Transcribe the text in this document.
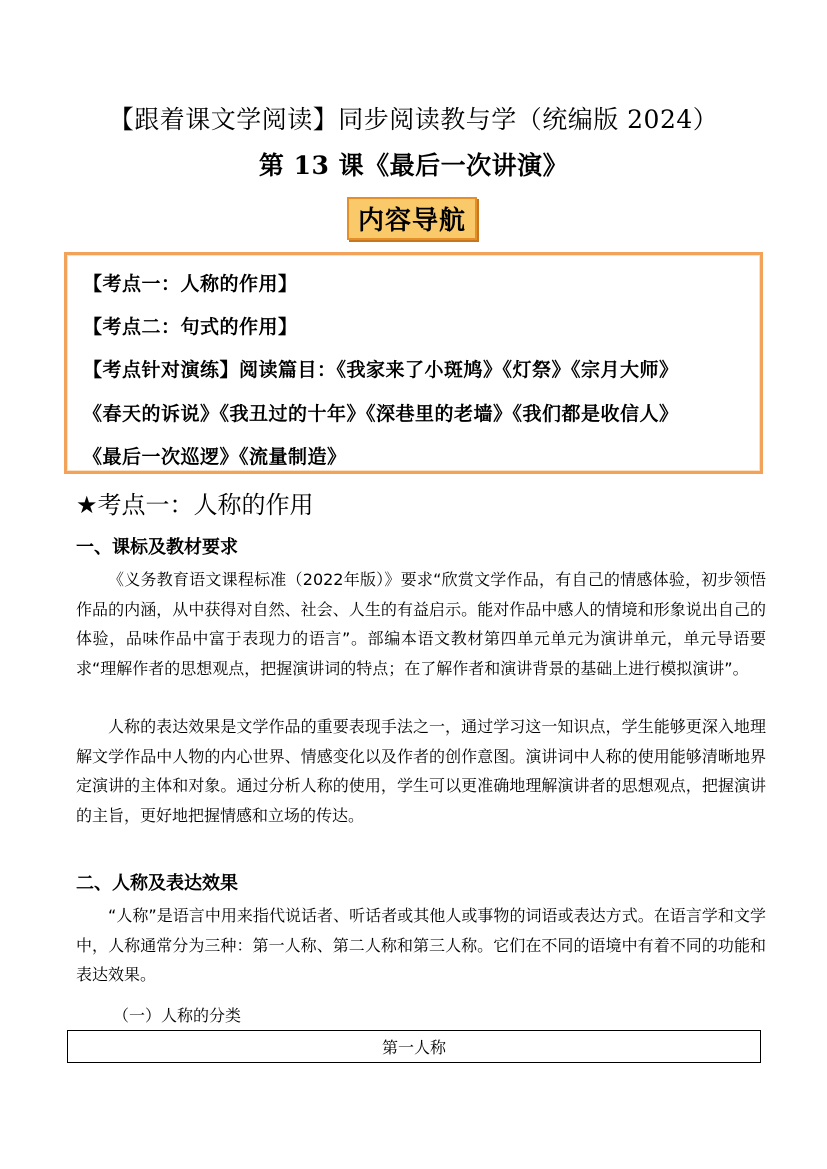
【跟着课文学阅读】同步阅读教与学（统编版 2024）
第 13 课《最后一次讲演》
内容导航
【考点一：人称的作用】
【考点二：句式的作用】
【考点针对演练】阅读篇目：《我家来了小斑鸠》《灯祭》《宗月大师》
《春天的诉说》《我丑过的十年》《深巷里的老墙》《我们都是收信人》
《最后一次巡逻》《流量制造》
★考点一：人称的作用
一、课标及教材要求
《义务教育语文课程标准（2022年版）》要求“欣赏文学作品，有自己的情感体验，初步领悟作品的内涵，从中获得对自然、社会、人生的有益启示。能对作品中感人的情境和形象说出自己的体验，品味作品中富于表现力的语言”。部编本语文教材第四单元单元为演讲单元，单元导语要求“理解作者的思想观点，把握演讲词的特点；在了解作者和演讲背景的基础上进行模拟演讲”。
人称的表达效果是文学作品的重要表现手法之一，通过学习这一知识点，学生能够更深入地理解文学作品中人物的内心世界、情感变化以及作者的创作意图。演讲词中人称的使用能够清晰地界定演讲的主体和对象。通过分析人称的使用，学生可以更准确地理解演讲者的思想观点，把握演讲的主旨，更好地把握情感和立场的传达。
二、人称及表达效果
“人称”是语言中用来指代说话者、听话者或其他人或事物的词语或表达方式。在语言学和文学中，人称通常分为三种：第一人称、第二人称和第三人称。它们在不同的语境中有着不同的功能和表达效果。
（一）人称的分类
第一人称
